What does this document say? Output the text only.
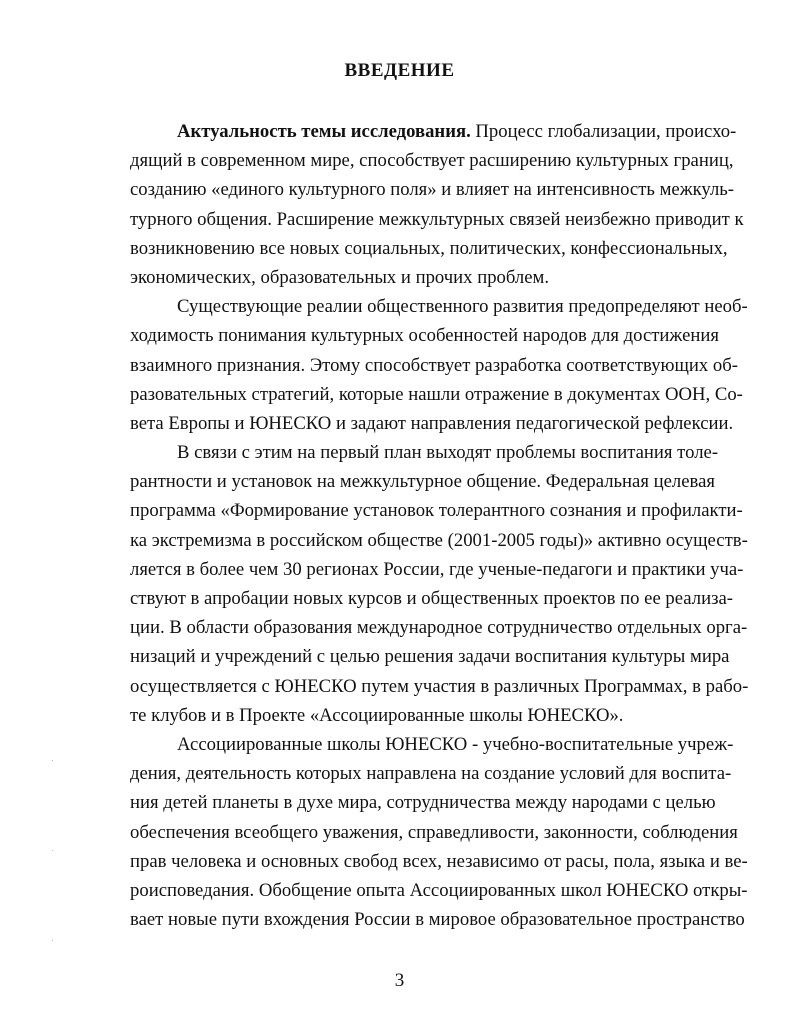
ВВЕДЕНИЕ
Актуальность темы исследования. Процесс глобализации, происхо-
дящий в современном мире, способствует расширению культурных границ,
созданию «единого культурного поля» и влияет на интенсивность межкуль-
турного общения. Расширение межкультурных связей неизбежно приводит к
возникновению все новых социальных, политических, конфессиональных,
экономических, образовательных и прочих проблем.
Существующие реалии общественного развития предопределяют необ-
ходимость понимания культурных особенностей народов для достижения
взаимного признания. Этому способствует разработка соответствующих об-
разовательных стратегий, которые нашли отражение в документах ООН, Со-
вета Европы и ЮНЕСКО и задают направления педагогической рефлексии.
В связи с этим на первый план выходят проблемы воспитания толе-
рантности и установок на межкультурное общение. Федеральная целевая
программа «Формирование установок толерантного сознания и профилакти-
ка экстремизма в российском обществе (2001-2005 годы)» активно осуществ-
ляется в более чем 30 регионах России, где ученые-педагоги и практики уча-
ствуют в апробации новых курсов и общественных проектов по ее реализа-
ции. В области образования международное сотрудничество отдельных орга-
низаций и учреждений с целью решения задачи воспитания культуры мира
осуществляется с ЮНЕСКО путем участия в различных Программах, в рабо-
те клубов и в Проекте «Ассоциированные школы ЮНЕСКО».
Ассоциированные школы ЮНЕСКО - учебно-воспитательные учреж-
дения, деятельность которых направлена на создание условий для воспита-
ния детей планеты в духе мира, сотрудничества между народами с целью
обеспечения всеобщего уважения, справедливости, законности, соблюдения
прав человека и основных свобод всех, независимо от расы, пола, языка и ве-
роисповедания. Обобщение опыта Ассоциированных школ ЮНЕСКО откры-
вает новые пути вхождения России в мировое образовательное пространство
3
